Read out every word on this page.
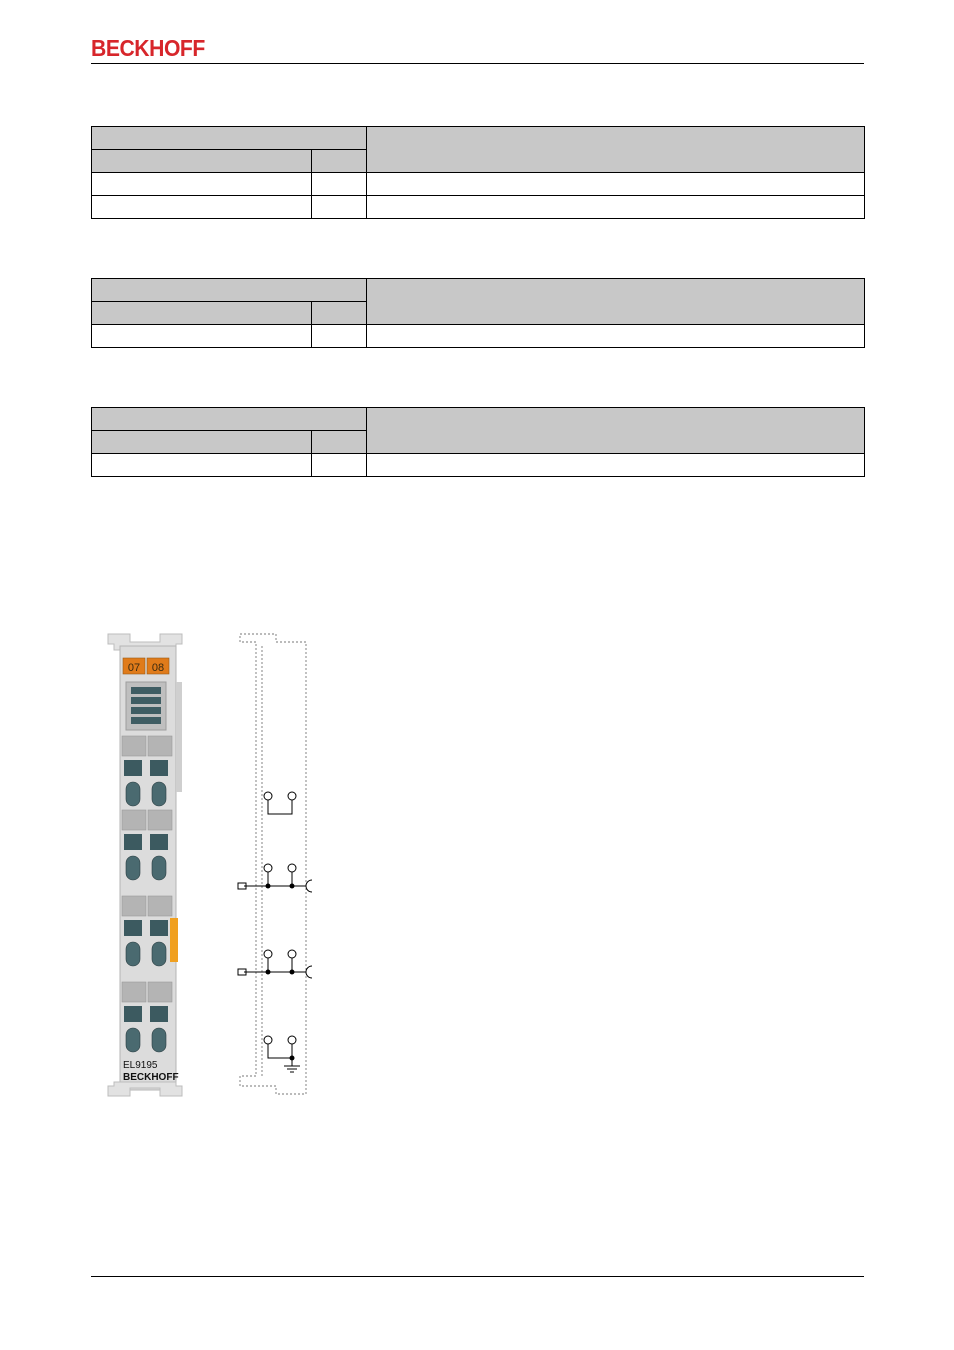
BECKHOFF

07 08
EL9195
BECKHOFF
